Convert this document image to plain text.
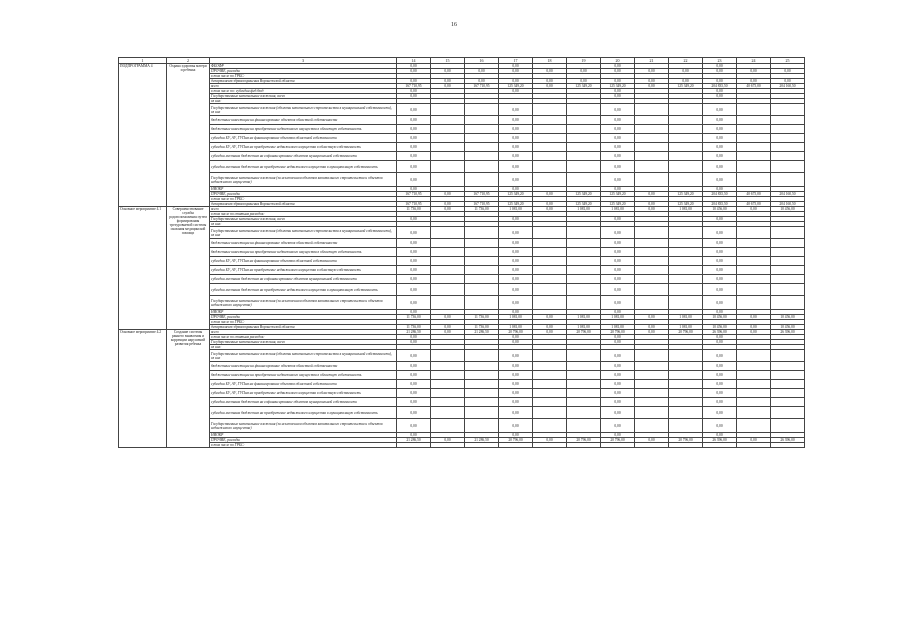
16
1	2	3	14	15	16	17	18	19	20	21	22	23	24	25
ПОДПРОГРАММА 4	Охрана здоровья матери и ребенка	ФБОФР	0,00			0,00			0,00			0,00		
		ПРОЧИЕ, расходы	0,00	0,00	0,00	0,00	0,00	0,00	0,00	0,00	0,00	0,00	0,00	0,00
		в том числе по ГРБС:												
		департамент здравоохранения Воронежской области	0,00	0,00	0,00	0,00	0,00	0,00	0,00	0,00	0,00	0,00	0,00	0,00
		всего	167 710,95	0,00	167 710,95	125 349,20	0,00	125 349,20	125 349,20	0,00	125 349,20	204 835,50	40 675,00	204 160,50
		в том числе по: субсидии фед.бюд	0,00			0,00			0,00			0,00		
		Государственные капитальные вложения, всего	0,00						0,00			0,00		
		из них:												
		Государственные капитальные вложения (объекты капитального строительства в муниципальной собственности), из них	0,00			0,00			0,00			0,00		
		бюджетные инвестиции на финансирование объектов областной собственности	0,00			0,00			0,00			0,00		
		бюджетные инвестиции на приобретение недвижимого имущества в областную собственность	0,00			0,00			0,00			0,00		
		субсидии БУ, АУ, ГУПам на финансирование объектов областной собственности	0,00			0,00			0,00			0,00		
		субсидии БУ, АУ, ГУПам на приобретение недвижимого имущества в областную собственность	0,00			0,00			0,00			0,00		
		субсидии местным бюджетам на софинансирование объектов муниципальной собственности	0,00			0,00			0,00			0,00		
		субсидии местным бюджетам на приобретение недвижимого имущества в муниципальную собственность	0,00			0,00			0,00			0,00		
		Государственные капитальные вложения (за исключением объектов капитального строительства и объектов недвижимого имущества)	0,00			0,00			0,00			0,00		
		НИОКР	0,00			0,00			0,00			0,00		
		ПРОЧИЕ, расходы	167 710,95	0,00	167 710,95	125 349,20	0,00	125 349,20	125 349,20	0,00	125 349,20	204 835,50	40 675,00	204 160,50
		в том числе по ГРБС:												
		департамент здравоохранения Воронежской области	167 710,95	0,00	167 710,95	125 349,20	0,00	125 349,20	125 349,20	0,00	125 349,20	204 835,50	40 675,00	204 160,50
Основное мероприятие 4.1	Совершенствование службы родовспоможения путем формирования трехуровневой системы оказания медицинской помощи	всего	11 736,00	0,00	11 736,00	1 081,00	0,00	1 081,00	1 081,00	0,00	1 081,00	10 456,00	0,00	10 456,00
		в том числе по статьям расходов:												
		Государственные капитальные вложения, всего	0,00			0,00			0,00			0,00		
		из них:												
		Государственные капитальные вложения (объекты капитального строительства в муниципальной собственности), из них	0,00			0,00			0,00			0,00		
		бюджетные инвестиции на финансирование объектов областной собственности	0,00			0,00			0,00			0,00		
		бюджетные инвестиции на приобретение недвижимого имущества в областную собственность	0,00			0,00			0,00			0,00		
		субсидии БУ, АУ, ГУПам на финансирование объектов областной собственности	0,00			0,00			0,00			0,00		
		субсидии БУ, АУ, ГУПам на приобретение недвижимого имущества в областную собственность	0,00			0,00			0,00			0,00		
		субсидии местным бюджетам на софинансирование объектов муниципальной собственности	0,00			0,00			0,00			0,00		
		субсидии местным бюджетам на приобретение недвижимого имущества в муниципальную собственность	0,00			0,00			0,00			0,00		
		Государственные капитальные вложения (за исключением объектов капитального строительства и объектов недвижимого имущества)	0,00			0,00			0,00			0,00		
		НИОКР	0,00			0,00			0,00			0,00		
		ПРОЧИЕ, расходы	11 736,00	0,00	11 736,00	1 081,00	0,00	1 081,00	1 081,00	0,00	1 081,00	10 456,00	0,00	10 456,00
		в том числе по ГРБС:												
		департамент здравоохранения Воронежской области	11 736,00	0,00	11 736,00	1 081,00	0,00	1 081,00	1 081,00	0,00	1 081,00	10 456,00	0,00	10 456,00
Основное мероприятие 4.2	Создание системы раннего выявления и коррекции нарушений развития ребенка	всего	21 286,50	0,00	21 286,50	20 796,00	0,00	20 796,00	20 796,00	0,00	20 796,00	26 396,00	0,00	26 396,00
		в том числе по статьям расходов:	0,00			0,00			0,00			0,00		
		Государственные капитальные вложения, всего	0,00			0,00			0,00			0,00		
		из них:												
		Государственные капитальные вложения (объекты капитального строительства в муниципальной собственности), из них	0,00			0,00			0,00			0,00		
		бюджетные инвестиции на финансирование объектов областной собственности	0,00			0,00			0,00			0,00		
		бюджетные инвестиции на приобретение недвижимого имущества в областную собственность	0,00			0,00			0,00			0,00		
		субсидии БУ, АУ, ГУПам на финансирование объектов областной собственности	0,00			0,00			0,00			0,00		
		субсидии БУ, АУ, ГУПам на приобретение недвижимого имущества в областную собственность	0,00			0,00			0,00			0,00		
		субсидии местным бюджетам на софинансирование объектов муниципальной собственности	0,00			0,00			0,00			0,00		
		субсидии местным бюджетам на приобретение недвижимого имущества в муниципальную собственность	0,00			0,00			0,00			0,00		
		Государственные капитальные вложения (за исключением объектов капитального строительства и объектов недвижимого имущества)	0,00			0,00			0,00			0,00		
		НИОКР	0,00			0,00			0,00			0,00		
		ПРОЧИЕ, расходы	21 286,50	0,00	21 286,50	20 796,00	0,00	20 796,00	20 796,00	0,00	20 796,00	26 396,00	0,00	26 396,00
		в том числе по ГРБС:												
